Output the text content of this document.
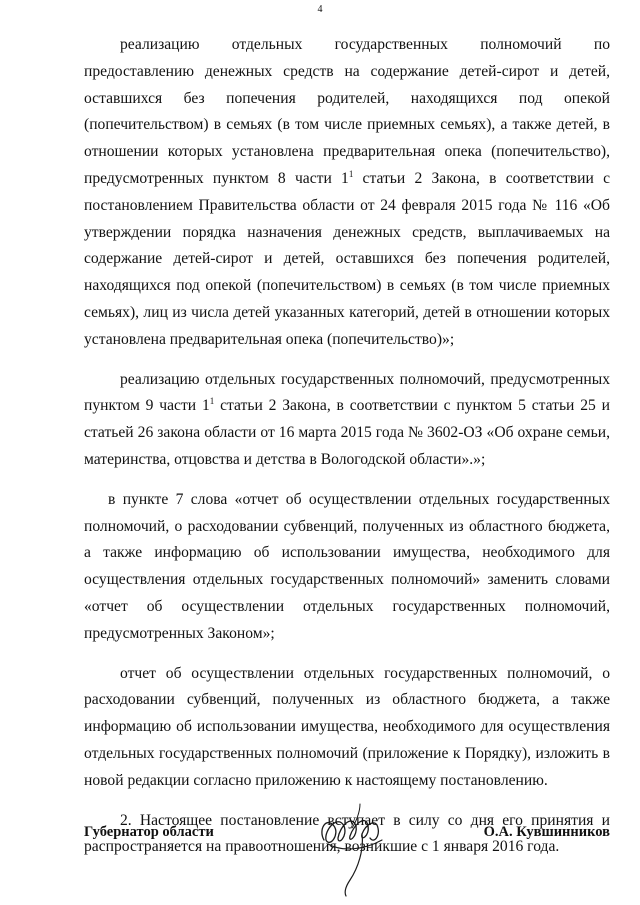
4

реализацию отдельных государственных полномочий по предоставлению денежных средств на содержание детей-сирот и детей, оставшихся без попечения родителей, находящихся под опекой (попечительством) в семьях (в том числе приемных семьях), а также детей, в отношении которых установлена предварительная опека (попечительство), предусмотренных пунктом 8 части $1^1$ статьи 2 Закона, в соответствии с постановлением Правительства области от 24 февраля 2015 года № 116 «Об утверждении порядка назначения денежных средств, выплачиваемых на содержание детей-сирот и детей, оставшихся без попечения родителей, находящихся под опекой (попечительством) в семьях (в том числе приемных семьях), лиц из числа детей указанных категорий, детей в отношении которых установлена предварительная опека (попечительство)»;

реализацию отдельных государственных полномочий, предусмотренных пунктом 9 части $1^1$ статьи 2 Закона, в соответствии с пунктом 5 статьи 25 и статьей 26 закона области от 16 марта 2015 года № 3602-ОЗ «Об охране семьи, материнства, отцовства и детства в Вологодской области».»;

в пункте 7 слова «отчет об осуществлении отдельных государственных полномочий, о расходовании субвенций, полученных из областного бюджета, а также информацию об использовании имущества, необходимого для осуществления отдельных государственных полномочий» заменить словами «отчет об осуществлении отдельных государственных полномочий, предусмотренных Законом»;

отчет об осуществлении отдельных государственных полномочий, о расходовании субвенций, полученных из областного бюджета, а также информацию об использовании имущества, необходимого для осуществления отдельных государственных полномочий (приложение к Порядку), изложить в новой редакции согласно приложению к настоящему постановлению.

2. Настоящее постановление вступает в силу со дня его принятия и распространяется на правоотношения, возникшие с 1 января 2016 года.

Губернатор области	О.А. Кувшинников
